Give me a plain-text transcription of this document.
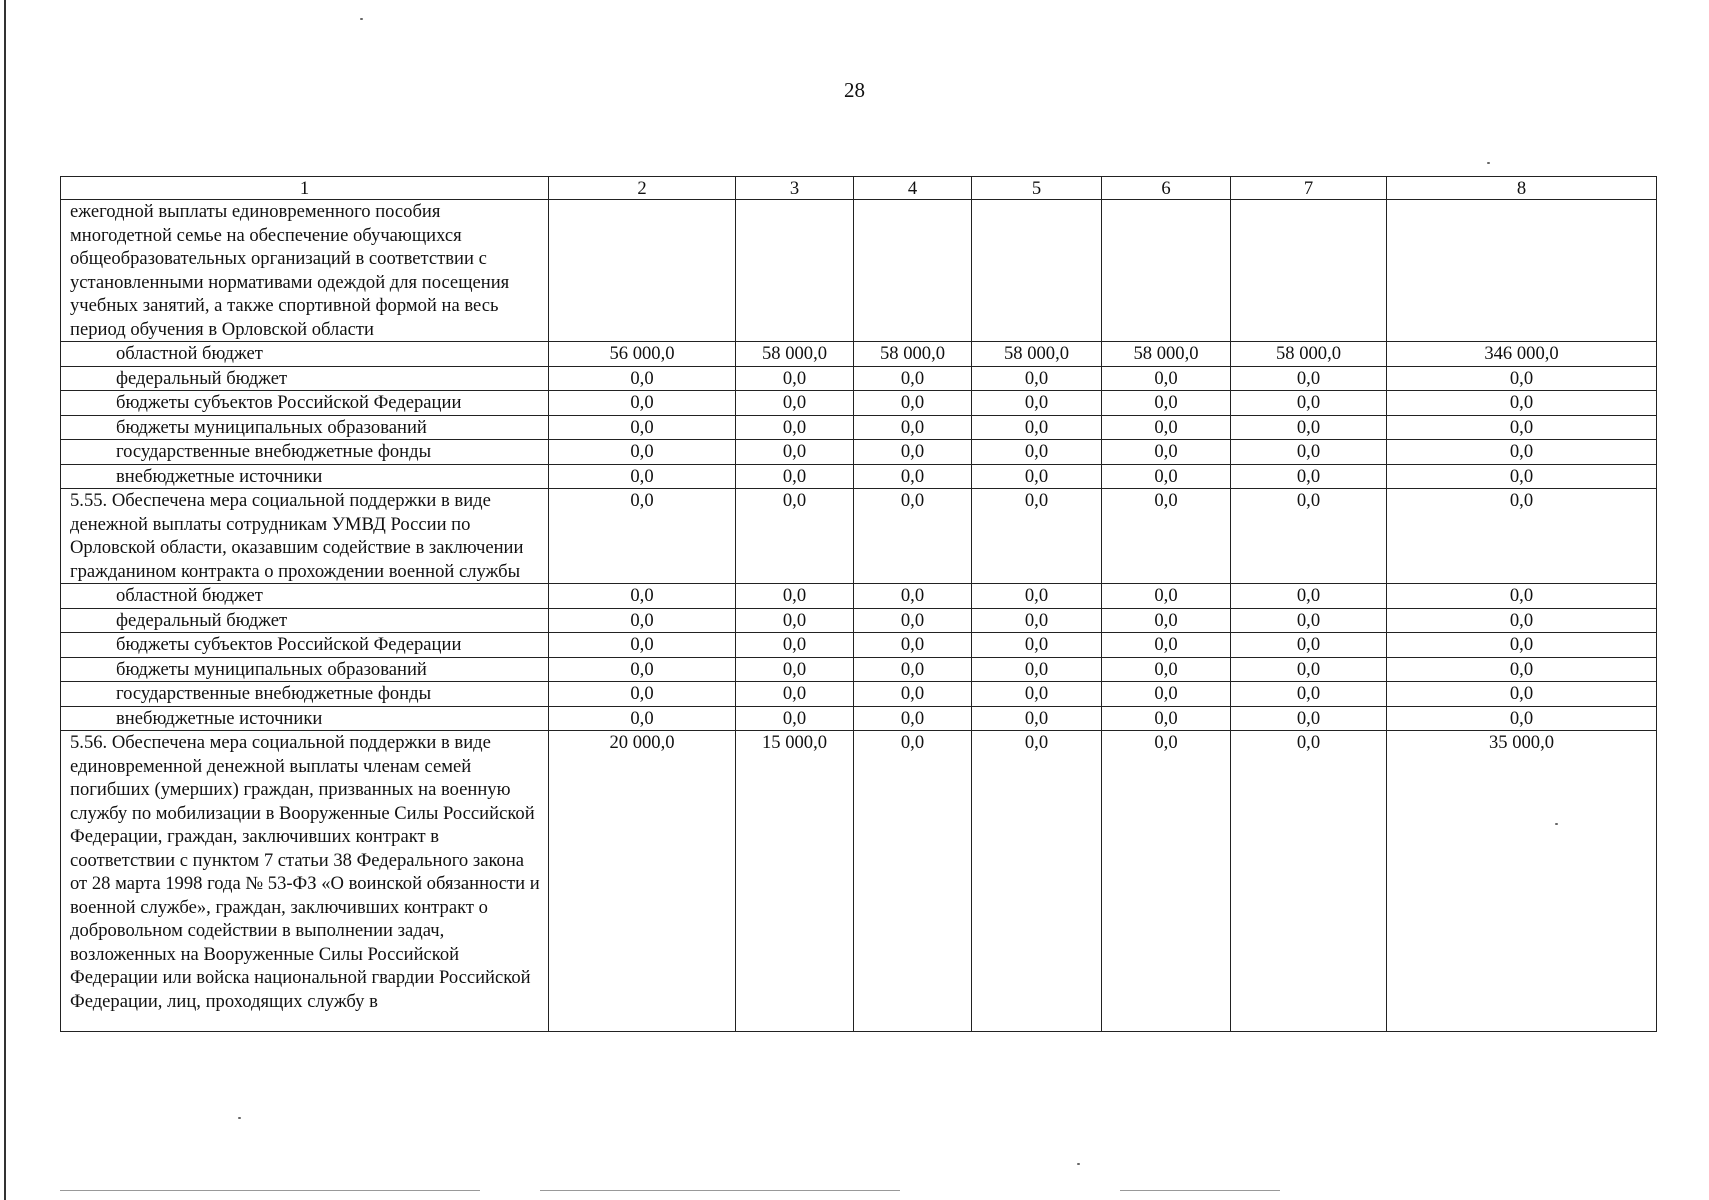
28
1	2	3	4	5	6	7	8
ежегодной выплаты единовременного пособия многодетной семье на обеспечение обучающихся общеобразовательных организаций в соответствии с установленными нормативами одеждой для посещения учебных занятий, а также спортивной формой на весь период обучения в Орловской области							
областной бюджет	56 000,0	58 000,0	58 000,0	58 000,0	58 000,0	58 000,0	346 000,0
федеральный бюджет	0,0	0,0	0,0	0,0	0,0	0,0	0,0
бюджеты субъектов Российской Федерации	0,0	0,0	0,0	0,0	0,0	0,0	0,0
бюджеты муниципальных образований	0,0	0,0	0,0	0,0	0,0	0,0	0,0
государственные внебюджетные фонды	0,0	0,0	0,0	0,0	0,0	0,0	0,0
внебюджетные источники	0,0	0,0	0,0	0,0	0,0	0,0	0,0
5.55. Обеспечена мера социальной поддержки в виде денежной выплаты сотрудникам УМВД России по Орловской области, оказавшим содействие в заключении гражданином контракта о прохождении военной службы	0,0	0,0	0,0	0,0	0,0	0,0	0,0
областной бюджет	0,0	0,0	0,0	0,0	0,0	0,0	0,0
федеральный бюджет	0,0	0,0	0,0	0,0	0,0	0,0	0,0
бюджеты субъектов Российской Федерации	0,0	0,0	0,0	0,0	0,0	0,0	0,0
бюджеты муниципальных образований	0,0	0,0	0,0	0,0	0,0	0,0	0,0
государственные внебюджетные фонды	0,0	0,0	0,0	0,0	0,0	0,0	0,0
внебюджетные источники	0,0	0,0	0,0	0,0	0,0	0,0	0,0
5.56. Обеспечена мера социальной поддержки в виде единовременной денежной выплаты членам семей погибших (умерших) граждан, призванных на военную службу по мобилизации в Вооруженные Силы Российской Федерации, граждан, заключивших контракт в соответствии с пунктом 7 статьи 38 Федерального закона от 28 марта 1998 года № 53-ФЗ «О воинской обязанности и военной службе», граждан, заключивших контракт о добровольном содействии в выполнении задач, возложенных на Вооруженные Силы Российской Федерации или войска национальной гвардии Российской Федерации, лиц, проходящих службу в	20 000,0	15 000,0	0,0	0,0	0,0	0,0	35 000,0
